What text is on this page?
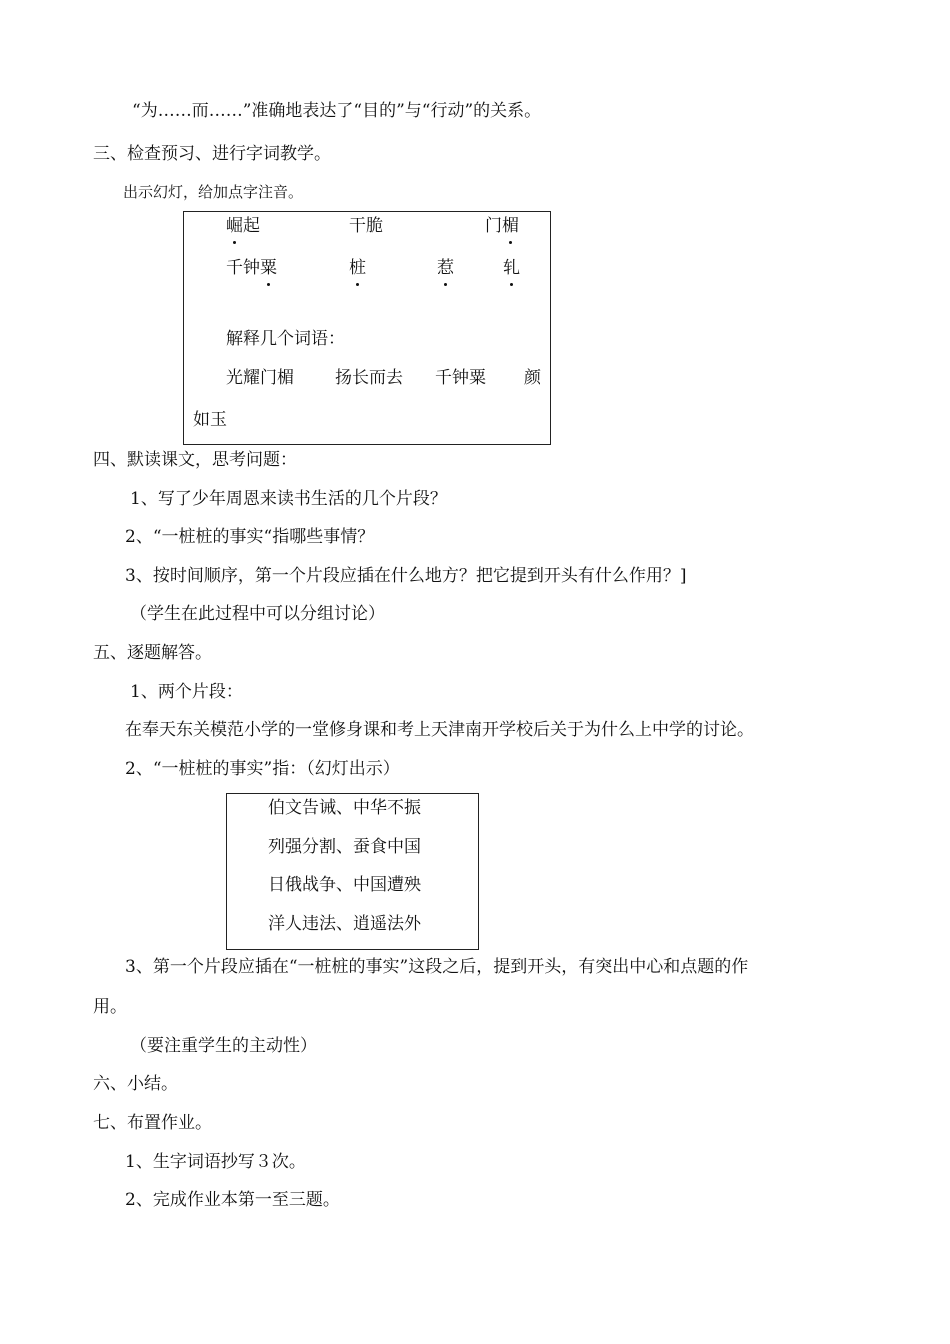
“为……而……”准确地表达了“目的”与“行动”的关系。
三、检查预习、进行字词教学。
出示幻灯，给加点字注音。
崛起	干脆	门楣
千钟粟	桩	惹	轧
解释几个词语：
光耀门楣 扬长而去 千钟粟 颜
如玉
四、默读课文，思考问题：
1、写了少年周恩来读书生活的几个片段？
2、“一桩桩的事实“指哪些事情？
3、按时间顺序，第一个片段应插在什么地方？把它提到开头有什么作用？]
（学生在此过程中可以分组讨论）
五、逐题解答。
1、两个片段：
在奉天东关模范小学的一堂修身课和考上天津南开学校后关于为什么上中学的讨论。
2、“一桩桩的事实”指：（幻灯出示）
伯文告诫、中华不振
列强分割、蚕食中国
日俄战争、中国遭殃
洋人违法、逍遥法外
3、第一个片段应插在“一桩桩的事实”这段之后，提到开头，有突出中心和点题的作
用。
（要注重学生的主动性）
六、小结。
七、布置作业。
1、生字词语抄写３次。
2、完成作业本第一至三题。
